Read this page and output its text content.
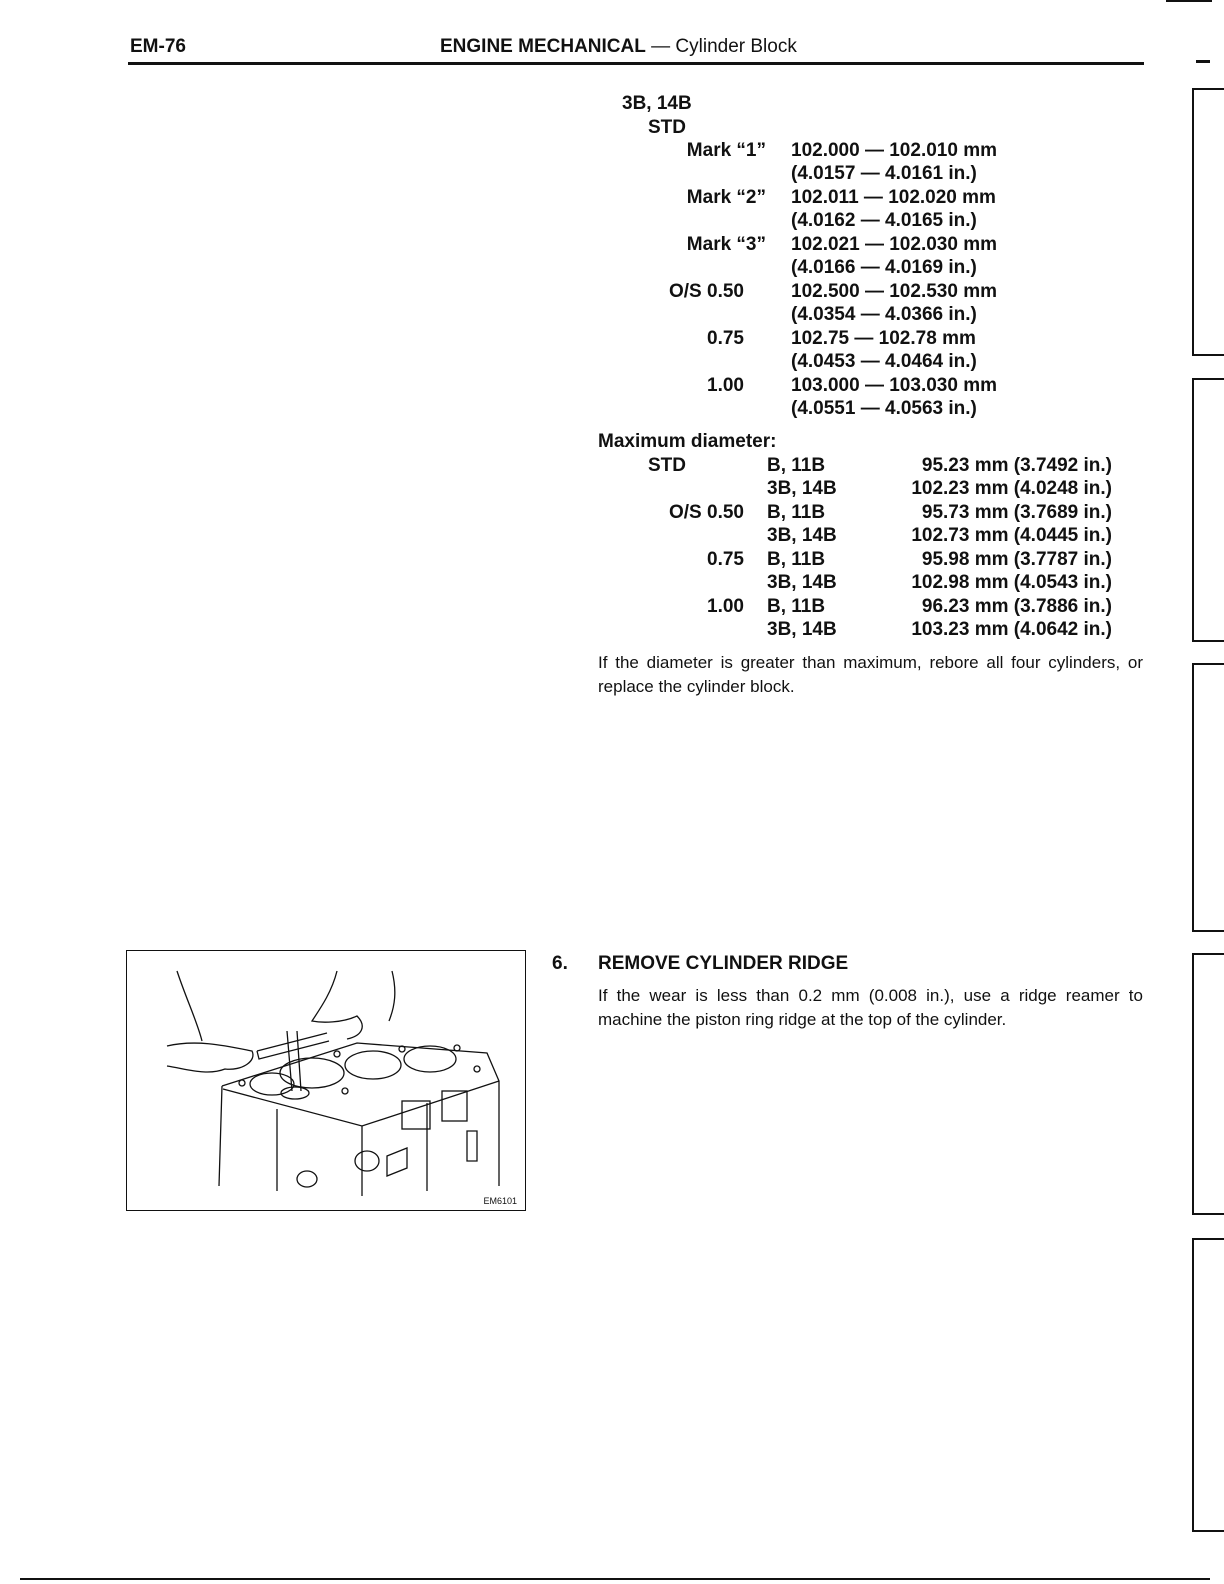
EM-76	ENGINE MECHANICAL — Cylinder Block
3B, 14B
STD
Mark “1” 102.000 — 102.010 mm
(4.0157 — 4.0161 in.)
Mark “2” 102.011 — 102.020 mm
(4.0162 — 4.0165 in.)
Mark “3” 102.021 — 102.030 mm
(4.0166 — 4.0169 in.)
O/S 0.50 102.500 — 102.530 mm
(4.0354 — 4.0366 in.)
0.75 102.75 — 102.78 mm
(4.0453 — 4.0464 in.)
1.00 103.000 — 103.030 mm
(4.0551 — 4.0563 in.)
Maximum diameter:
STD	B, 11B	95.23 mm (3.7492 in.)
3B, 14B	102.23 mm (4.0248 in.)
O/S 0.50 B, 11B	95.73 mm (3.7689 in.)
3B, 14B	102.73 mm (4.0445 in.)
0.75 B, 11B	95.98 mm (3.7787 in.)
3B, 14B	102.98 mm (4.0543 in.)
1.00 B, 11B	96.23 mm (3.7886 in.)
3B, 14B	103.23 mm (4.0642 in.)
If the diameter is greater than maximum, rebore all four cylinders, or replace the cylinder block.
6. REMOVE CYLINDER RIDGE
If the wear is less than 0.2 mm (0.008 in.), use a ridge reamer to machine the piston ring ridge at the top of the cylinder.
EM6101
